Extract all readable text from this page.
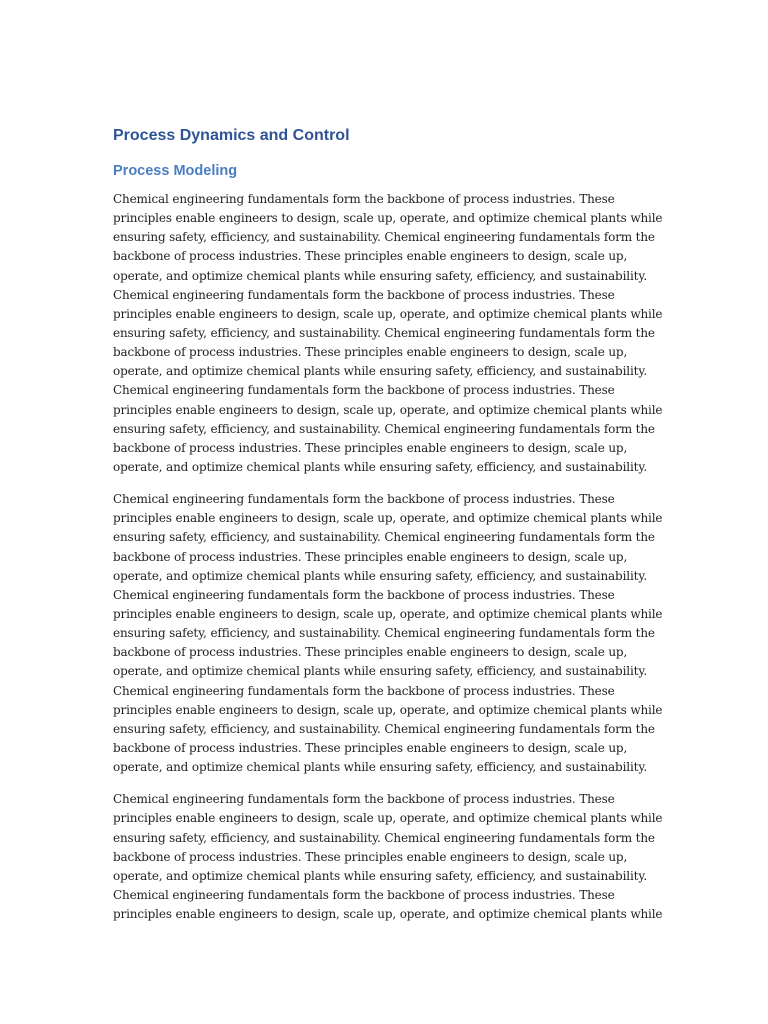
Process Dynamics and Control
Process Modeling
Chemical engineering fundamentals form the backbone of process industries. These
principles enable engineers to design, scale up, operate, and optimize chemical plants while
ensuring safety, efficiency, and sustainability. Chemical engineering fundamentals form the
backbone of process industries. These principles enable engineers to design, scale up,
operate, and optimize chemical plants while ensuring safety, efficiency, and sustainability.
Chemical engineering fundamentals form the backbone of process industries. These
principles enable engineers to design, scale up, operate, and optimize chemical plants while
ensuring safety, efficiency, and sustainability. Chemical engineering fundamentals form the
backbone of process industries. These principles enable engineers to design, scale up,
operate, and optimize chemical plants while ensuring safety, efficiency, and sustainability.
Chemical engineering fundamentals form the backbone of process industries. These
principles enable engineers to design, scale up, operate, and optimize chemical plants while
ensuring safety, efficiency, and sustainability. Chemical engineering fundamentals form the
backbone of process industries. These principles enable engineers to design, scale up,
operate, and optimize chemical plants while ensuring safety, efficiency, and sustainability.
Chemical engineering fundamentals form the backbone of process industries. These
principles enable engineers to design, scale up, operate, and optimize chemical plants while
ensuring safety, efficiency, and sustainability. Chemical engineering fundamentals form the
backbone of process industries. These principles enable engineers to design, scale up,
operate, and optimize chemical plants while ensuring safety, efficiency, and sustainability.
Chemical engineering fundamentals form the backbone of process industries. These
principles enable engineers to design, scale up, operate, and optimize chemical plants while
ensuring safety, efficiency, and sustainability. Chemical engineering fundamentals form the
backbone of process industries. These principles enable engineers to design, scale up,
operate, and optimize chemical plants while ensuring safety, efficiency, and sustainability.
Chemical engineering fundamentals form the backbone of process industries. These
principles enable engineers to design, scale up, operate, and optimize chemical plants while
ensuring safety, efficiency, and sustainability. Chemical engineering fundamentals form the
backbone of process industries. These principles enable engineers to design, scale up,
operate, and optimize chemical plants while ensuring safety, efficiency, and sustainability.
Chemical engineering fundamentals form the backbone of process industries. These
principles enable engineers to design, scale up, operate, and optimize chemical plants while
ensuring safety, efficiency, and sustainability. Chemical engineering fundamentals form the
backbone of process industries. These principles enable engineers to design, scale up,
operate, and optimize chemical plants while ensuring safety, efficiency, and sustainability.
Chemical engineering fundamentals form the backbone of process industries. These
principles enable engineers to design, scale up, operate, and optimize chemical plants while
